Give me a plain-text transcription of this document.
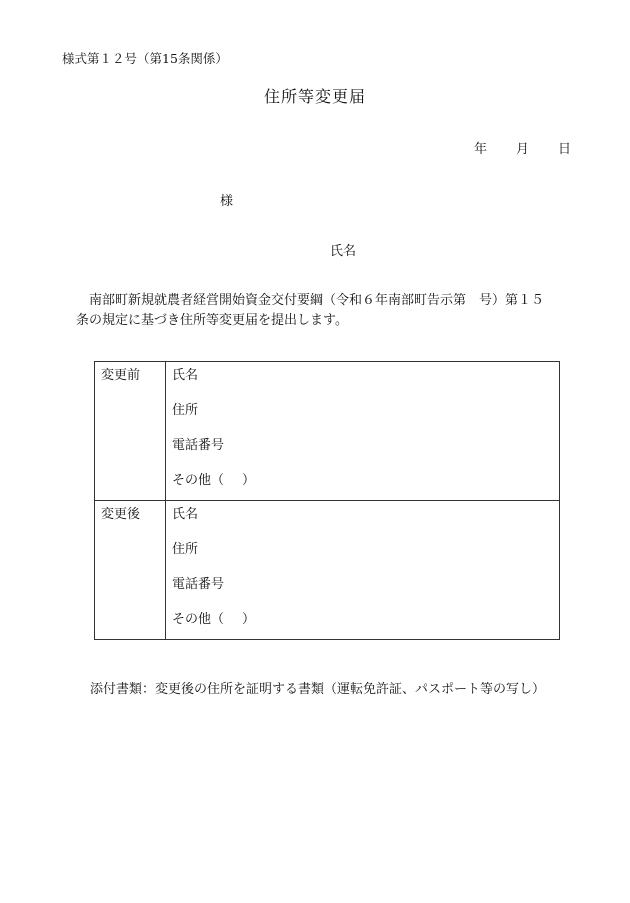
様式第１２号（第15条関係）
住所等変更届
年 月 日
様
氏名
南部町新規就農者経営開始資金交付要綱（令和６年南部町告示第　号）第１５
条の規定に基づき住所等変更届を提出します。
変更前	氏名
住所
電話番号
その他（ ）

変更後	氏名
住所
電話番号
その他（ ）
添付書類：変更後の住所を証明する書類（運転免許証、パスポート等の写し）
